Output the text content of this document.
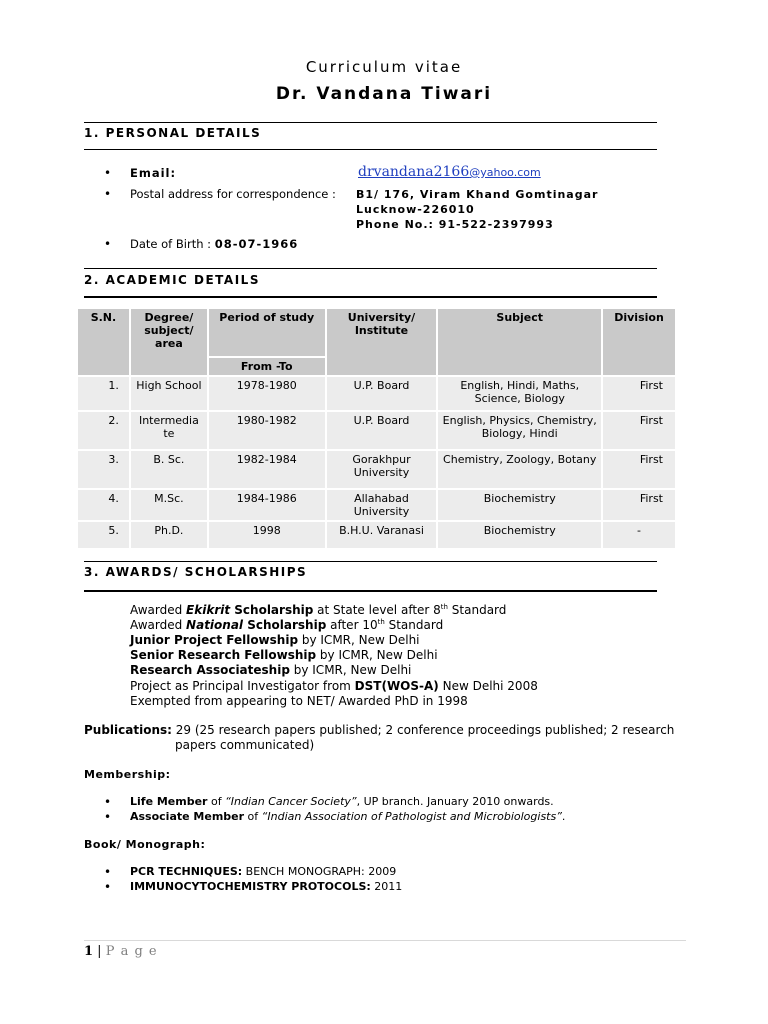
Curriculum vitae
Dr. Vandana Tiwari
1. PERSONAL DETAILS
• Email:	drvandana2166@yahoo.com
• Postal address for correspondence : B1/ 176, Viram Khand Gomtinagar
Lucknow-226010
Phone No.: 91-522-2397993
• Date of Birth : 08-07-1966
2. ACADEMIC DETAILS
S.N.	Degree/ subject/ area	Period of study	University/ Institute	Subject	Division
		From -To			
1.	High School	1978-1980	U.P. Board	English, Hindi, Maths, Science, Biology	First
2.	Intermedia te	1980-1982	U.P. Board	English, Physics, Chemistry, Biology, Hindi	First
3.	B. Sc.	1982-1984	Gorakhpur University	Chemistry, Zoology, Botany	First
4.	M.Sc.	1984-1986	Allahabad University	Biochemistry	First
5.	Ph.D.	1998	B.H.U. Varanasi	Biochemistry	-
3. AWARDS/ SCHOLARSHIPS
Awarded Ekikrit Scholarship at State level after 8th Standard
Awarded National Scholarship after 10th Standard
Junior Project Fellowship by ICMR, New Delhi
Senior Research Fellowship by ICMR, New Delhi
Research Associateship by ICMR, New Delhi
Project as Principal Investigator from DST(WOS-A) New Delhi 2008
Exempted from appearing to NET/ Awarded PhD in 1998
Publications: 29 (25 research papers published; 2 conference proceedings published; 2 research
papers communicated)
Membership:
• Life Member of “Indian Cancer Society”, UP branch. January 2010 onwards.
• Associate Member of “Indian Association of Pathologist and Microbiologists”.
Book/ Monograph:
• PCR TECHNIQUES: BENCH MONOGRAPH: 2009
• IMMUNOCYTOCHEMISTRY PROTOCOLS: 2011
1 | P a g e
